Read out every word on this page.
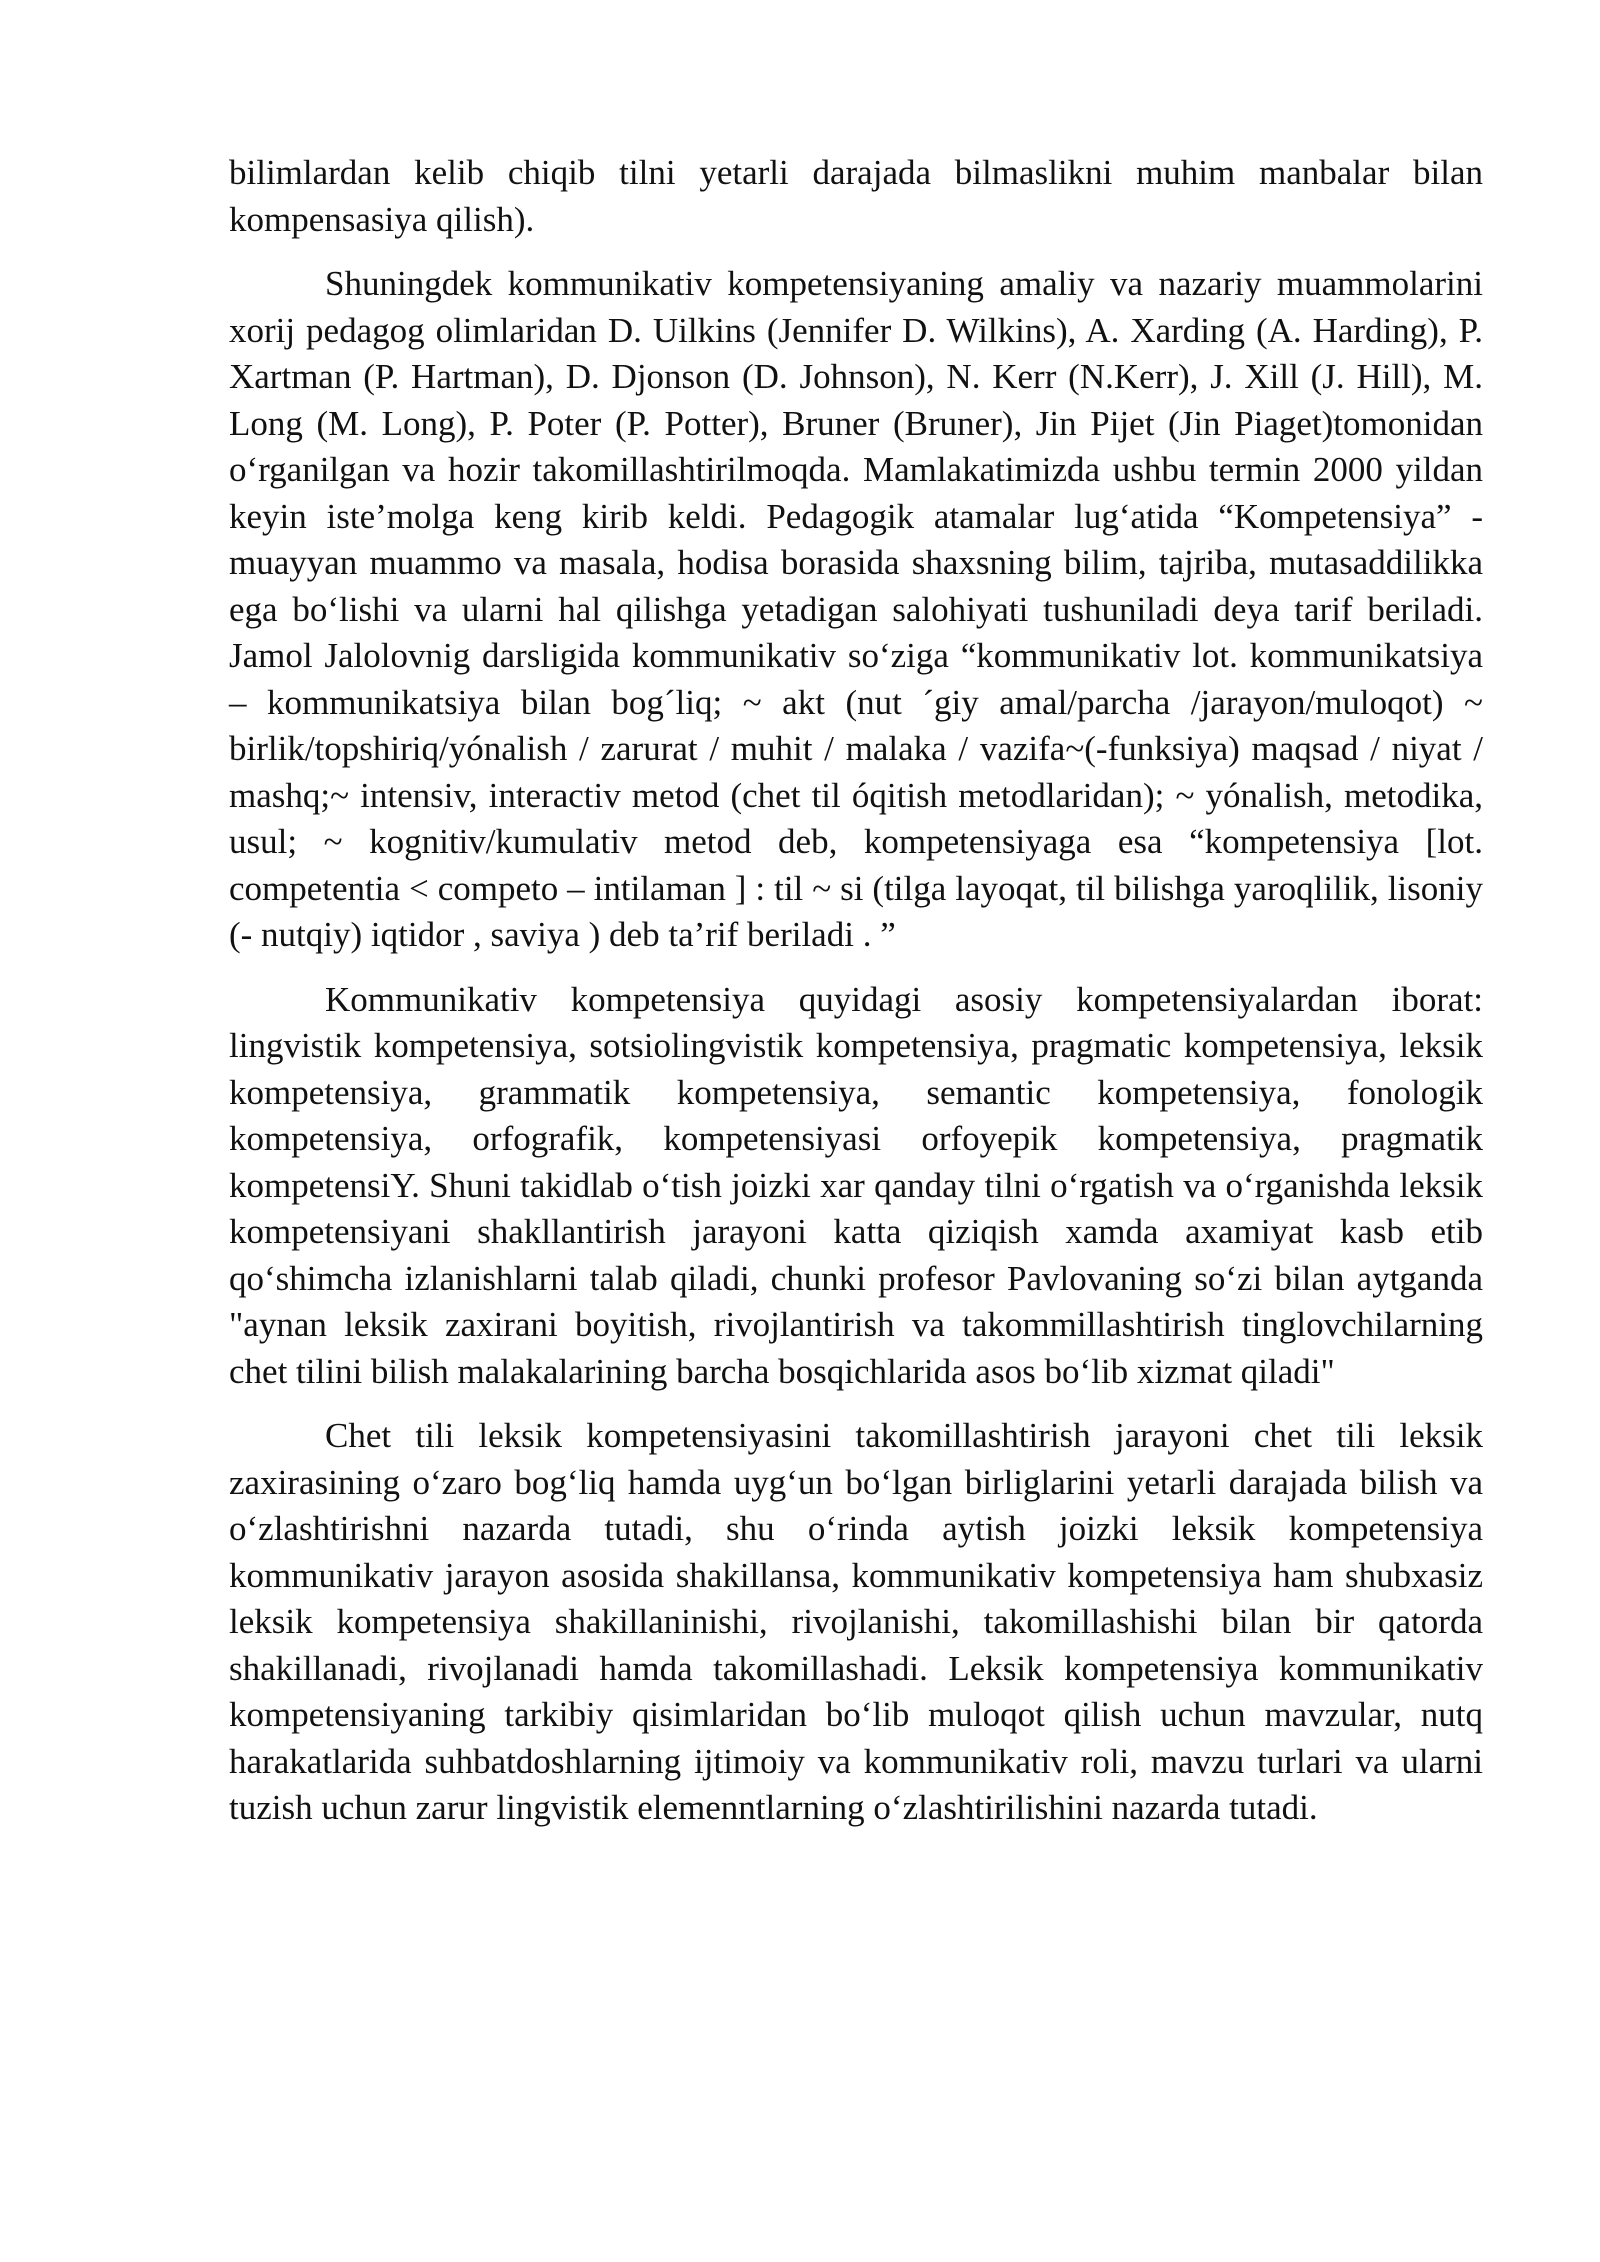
bilimlardan kelib chiqib tilni yetarli darajada bilmaslikni muhim manbalar bilan kompensasiya qilish).

Shuningdek kommunikativ kompetensiyaning amaliy va nazariy muammolarini xorij pedagog olimlaridan D. Uilkins (Jennifer D. Wilkins), A. Xarding (A. Harding), P. Xartman (P. Hartman), D. Djonson (D. Johnson), N. Kerr (N.Kerr), J. Xill (J. Hill), M. Long (M. Long), P. Poter (P. Potter), Bruner (Bruner), Jin Pijet (Jin Piaget)tomonidan o‘rganilgan va hozir takomillashtirilmoqda. Mamlakatimizda ushbu termin 2000 yildan keyin iste’molga keng kirib keldi. Pedagogik atamalar lug‘atida “Kompetensiya” - muayyan muammo va masala, hodisa borasida shaxsning bilim, tajriba, mutasaddilikka ega bo‘lishi va ularni hal qilishga yetadigan salohiyati tushuniladi deya tarif beriladi. Jamol Jalolovnig darsligida kommunikativ so‘ziga “kommunikativ lot. kommunikatsiya – kommunikatsiya bilan bog´liq; ~ akt (nut ´giy amal/parcha /jarayon/muloqot) ~ birlik/topshiriq/yónalish / zarurat / muhit / malaka / vazifa~(-funksiya) maqsad / niyat / mashq;~ intensiv, interactiv metod (chet til óqitish metodlaridan); ~ yónalish, metodika, usul; ~ kognitiv/kumulativ metod deb, kompetensiyaga esa “kompetensiya [lot. competentia < competo – intilaman ] : til ~ si (tilga layoqat, til bilishga yaroqlilik, lisoniy (- nutqiy) iqtidor , saviya ) deb ta’rif beriladi . ”

Kommunikativ kompetensiya quyidagi asosiy kompetensiyalardan iborat: lingvistik kompetensiya, sotsiolingvistik kompetensiya, pragmatic kompetensiya, leksik kompetensiya, grammatik kompetensiya, semantic kompetensiya, fonologik kompetensiya, orfografik, kompetensiyasi orfoyepik kompetensiya, pragmatik kompetensiY. Shuni takidlab o‘tish joizki xar qanday tilni o‘rgatish va o‘rganishda leksik kompetensiyani shakllantirish jarayoni katta qiziqish xamda axamiyat kasb etib qo‘shimcha izlanishlarni talab qiladi, chunki profesor Pavlovaning so‘zi bilan aytganda "aynan leksik zaxirani boyitish, rivojlantirish va takommillashtirish tinglovchilarning chet tilini bilish malakalarining barcha bosqichlarida asos bo‘lib xizmat qiladi"

Chet tili leksik kompetensiyasini takomillashtirish jarayoni chet tili leksik zaxirasining o‘zaro bog‘liq hamda uyg‘un bo‘lgan birliglarini yetarli darajada bilish va o‘zlashtirishni nazarda tutadi, shu o‘rinda aytish joizki leksik kompetensiya kommunikativ jarayon asosida shakillansa, kommunikativ kompetensiya ham shubxasiz leksik kompetensiya shakillaninishi, rivojlanishi, takomillashishi bilan bir qatorda shakillanadi, rivojlanadi hamda takomillashadi. Leksik kompetensiya kommunikativ kompetensiyaning tarkibiy qisimlaridan bo‘lib muloqot qilish uchun mavzular, nutq harakatlarida suhbatdoshlarning ijtimoiy va kommunikativ roli, mavzu turlari va ularni tuzish uchun zarur lingvistik elemenntlarning o‘zlashtirilishini nazarda tutadi.
